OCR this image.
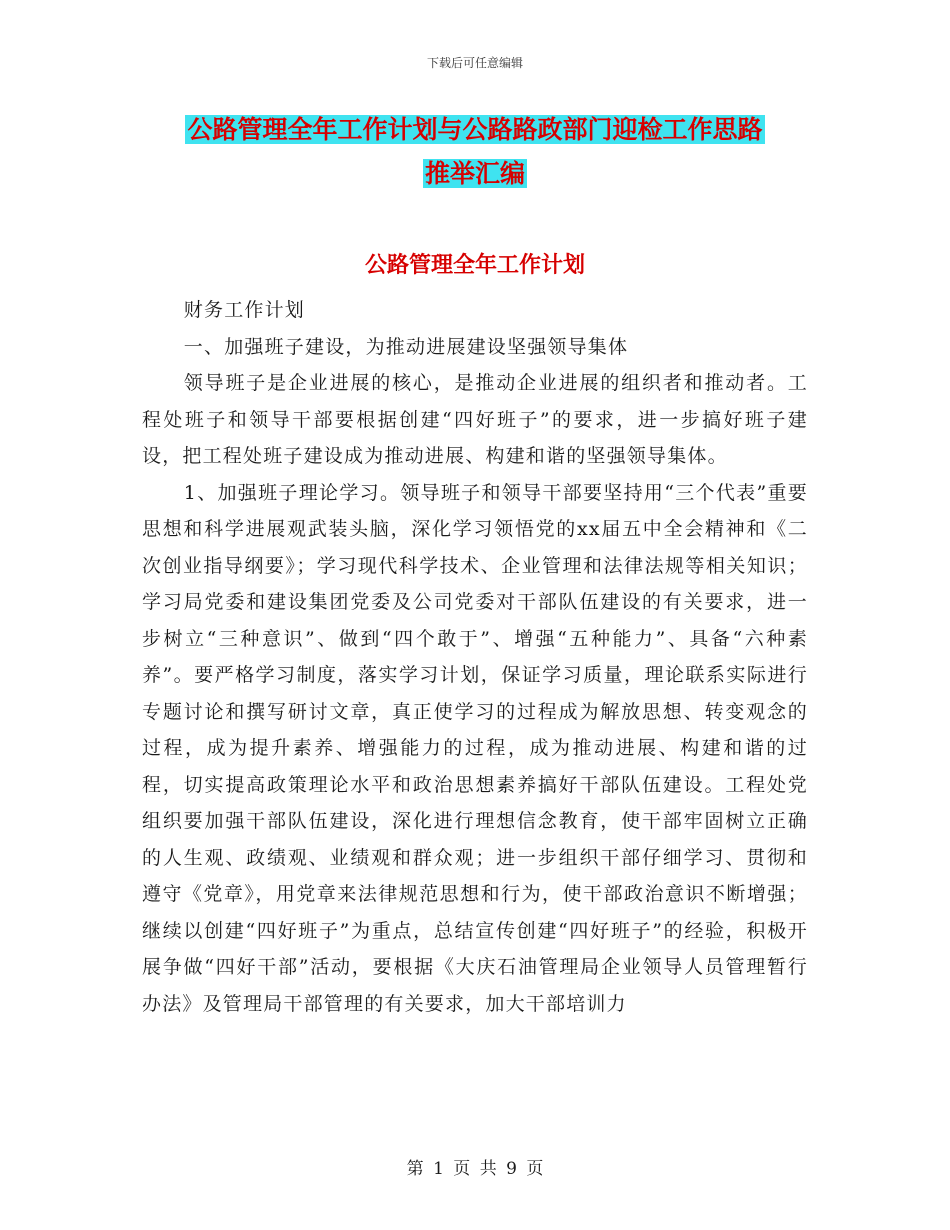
下载后可任意编辑
公路管理全年工作计划与公路路政部门迎检工作思路
推举汇编
公路管理全年工作计划

财务工作计划

一、加强班子建设，为推动进展建设坚强领导集体

领导班子是企业进展的核心，是推动企业进展的组织者和推动者。工程处班子和领导干部要根据创建“四好班子”的要求，进一步搞好班子建设，把工程处班子建设成为推动进展、构建和谐的坚强领导集体。

1、加强班子理论学习。领导班子和领导干部要坚持用“三个代表”重要思想和科学进展观武装头脑，深化学习领悟党的xx届五中全会精神和《二次创业指导纲要》；学习现代科学技术、企业管理和法律法规等相关知识；学习局党委和建设集团党委及公司党委对干部队伍建设的有关要求，进一步树立“三种意识”、做到“四个敢于”、增强“五种能力”、具备“六种素养”。要严格学习制度，落实学习计划，保证学习质量，理论联系实际进行专题讨论和撰写研讨文章，真正使学习的过程成为解放思想、转变观念的过程，成为提升素养、增强能力的过程，成为推动进展、构建和谐的过程，切实提高政策理论水平和政治思想素养搞好干部队伍建设。工程处党组织要加强干部队伍建设，深化进行理想信念教育，使干部牢固树立正确的人生观、政绩观、业绩观和群众观；进一步组织干部仔细学习、贯彻和遵守《党章》，用党章来法律规范思想和行为，使干部政治意识不断增强；继续以创建“四好班子”为重点，总结宣传创建“四好班子”的经验，积极开展争做“四好干部”活动，要根据《大庆石油管理局企业领导人员管理暂行办法》及管理局干部管理的有关要求，加大干部培训力

第 1 页 共 9 页
